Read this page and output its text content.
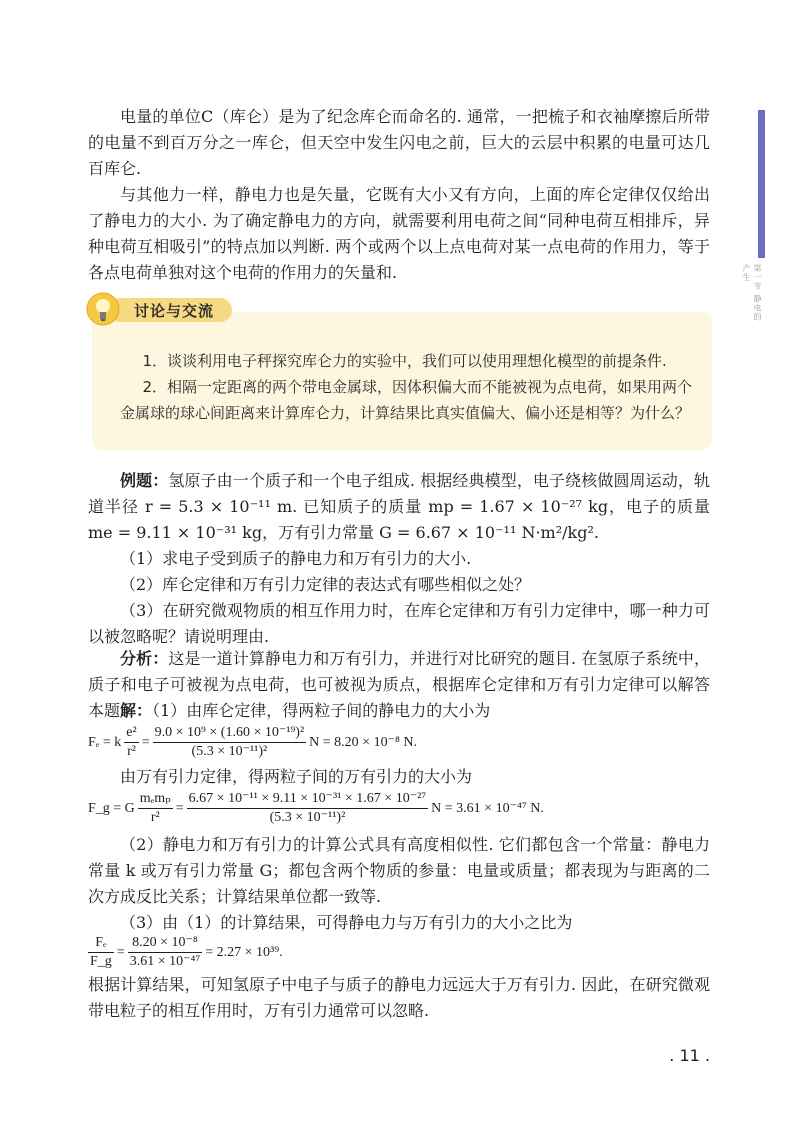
第一节 静电的产生

电量的单位C（库仑）是为了纪念库仑而命名的. 通常，一把梳子和衣袖摩擦后所带的电量不到百万分之一库仑，但天空中发生闪电之前，巨大的云层中积累的电量可达几百库仑.

与其他力一样，静电力也是矢量，它既有大小又有方向，上面的库仑定律仅仅给出了静电力的大小. 为了确定静电力的方向，就需要利用电荷之间“同种电荷互相排斥，异种电荷互相吸引”的特点加以判断. 两个或两个以上点电荷对某一点电荷的作用力，等于各点电荷单独对这个电荷的作用力的矢量和.

讨论与交流

1．谈谈利用电子秤探究库仑力的实验中，我们可以使用理想化模型的前提条件.

2．相隔一定距离的两个带电金属球，因体积偏大而不能被视为点电荷，如果用两个金属球的球心间距离来计算库仑力，计算结果比真实值偏大、偏小还是相等？为什么？

例题：氢原子由一个质子和一个电子组成. 根据经典模型，电子绕核做圆周运动，轨道半径 r = 5.3 × 10⁻¹¹ m. 已知质子的质量 mp = 1.67 × 10⁻²⁷ kg，电子的质量 me = 9.11 × 10⁻³¹ kg，万有引力常量 G = 6.67 × 10⁻¹¹ N·m²/kg².

（1）求电子受到质子的静电力和万有引力的大小.

（2）库仑定律和万有引力定律的表达式有哪些相似之处？

（3）在研究微观物质的相互作用力时，在库仑定律和万有引力定律中，哪一种力可以被忽略呢？请说明理由.

分析：这是一道计算静电力和万有引力，并进行对比研究的题目. 在氢原子系统中，质子和电子可被视为点电荷，也可被视为质点，根据库仑定律和万有引力定律可以解答本题.

解：（1）由库仑定律，得两粒子间的静电力的大小为

Fₑ = k $\frac{\text{e²}}{\text{r²}} = \frac{\text{9.0 × 10⁹ × (1.60 × 10⁻¹⁹)²}}{\text{(5.3 × 10⁻¹¹)²}}$ N = 8.20 × 10⁻⁸ N.

由万有引力定律，得两粒子间的万有引力的大小为

F_g = G $\frac{\text{mₑmₚ}}{\text{r²}} = \frac{\text{6.67 × 10⁻¹¹ × 9.11 × 10⁻³¹ × 1.67 × 10⁻²⁷}}{\text{(5.3 × 10⁻¹¹)²}}$ N = 3.61 × 10⁻⁴⁷ N.

（2）静电力和万有引力的计算公式具有高度相似性. 它们都包含一个常量：静电力常量 k 或万有引力常量 G；都包含两个物质的参量：电量或质量；都表现为与距离的二次方成反比关系；计算结果单位都一致等.

（3）由（1）的计算结果，可得静电力与万有引力的大小之比为

$\frac{\text{Fₑ}}{F\_g} = \frac{\text{8.20 × 10⁻⁸}}{\text{3.61 × 10⁻⁴⁷}} = 2.27 \times 10^{39}$.

根据计算结果，可知氢原子中电子与质子的静电力远远大于万有引力. 因此，在研究微观带电粒子的相互作用时，万有引力通常可以忽略.

. 11 .
